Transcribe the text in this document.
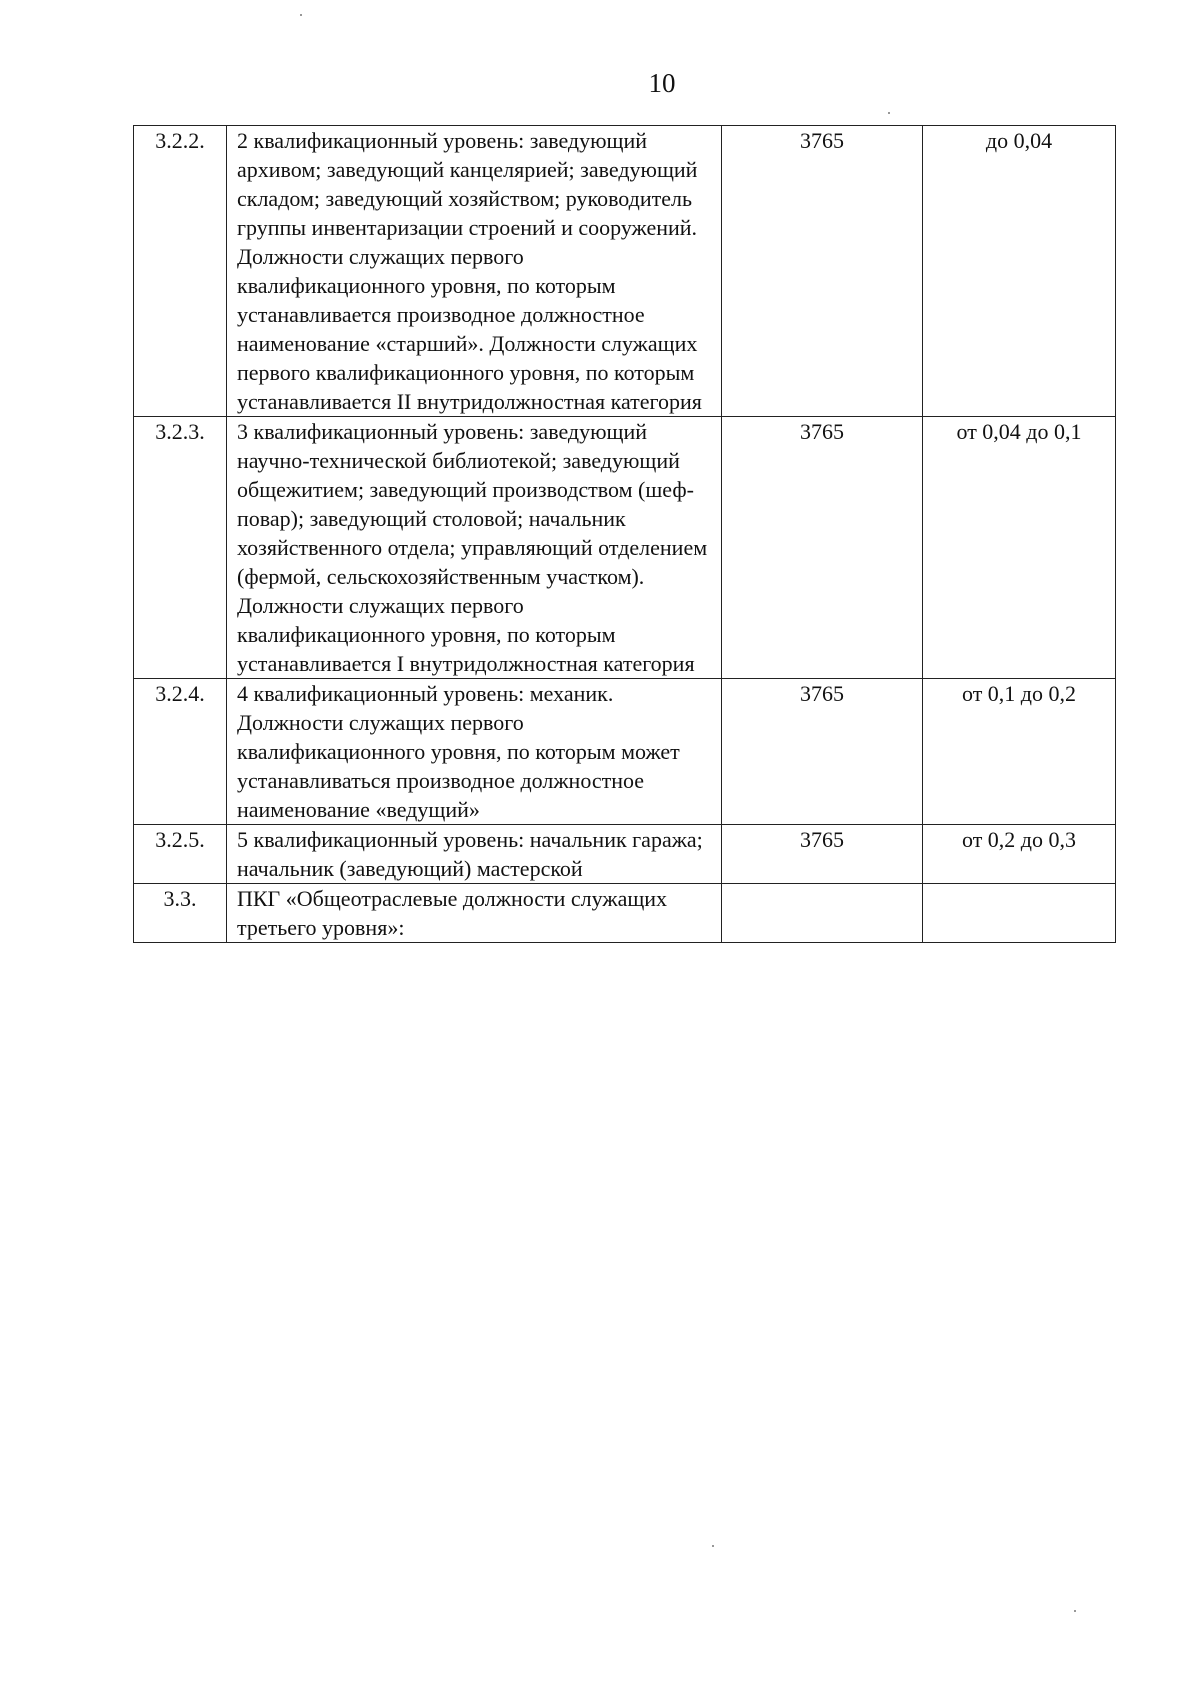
10
3.2.2.	2 квалификационный уровень: заведующий архивом; заведующий канцелярией; заведующий складом; заведующий хозяйством; руководитель группы инвентаризации строений и сооружений. Должности служащих первого квалификационного уровня, по которым устанавливается производное должностное наименование «старший». Должности служащих первого квалификационного уровня, по которым устанавливается II внутридолжностная категория	3765	до 0,04
3.2.3.	3 квалификационный уровень: заведующий научно-технической библиотекой; заведующий общежитием; заведующий производством (шеф-повар); заведующий столовой; начальник хозяйственного отдела; управляющий отделением (фермой, сельскохозяйственным участком). Должности служащих первого квалификационного уровня, по которым устанавливается I внутридолжностная категория	3765	от 0,04 до 0,1
3.2.4.	4 квалификационный уровень: механик. Должности служащих первого квалификационного уровня, по которым может устанавливаться производное должностное наименование «ведущий»	3765	от 0,1 до 0,2
3.2.5.	5 квалификационный уровень: начальник гаража; начальник (заведующий) мастерской	3765	от 0,2 до 0,3
3.3.	ПКГ «Общеотраслевые должности служащих третьего уровня»:		
